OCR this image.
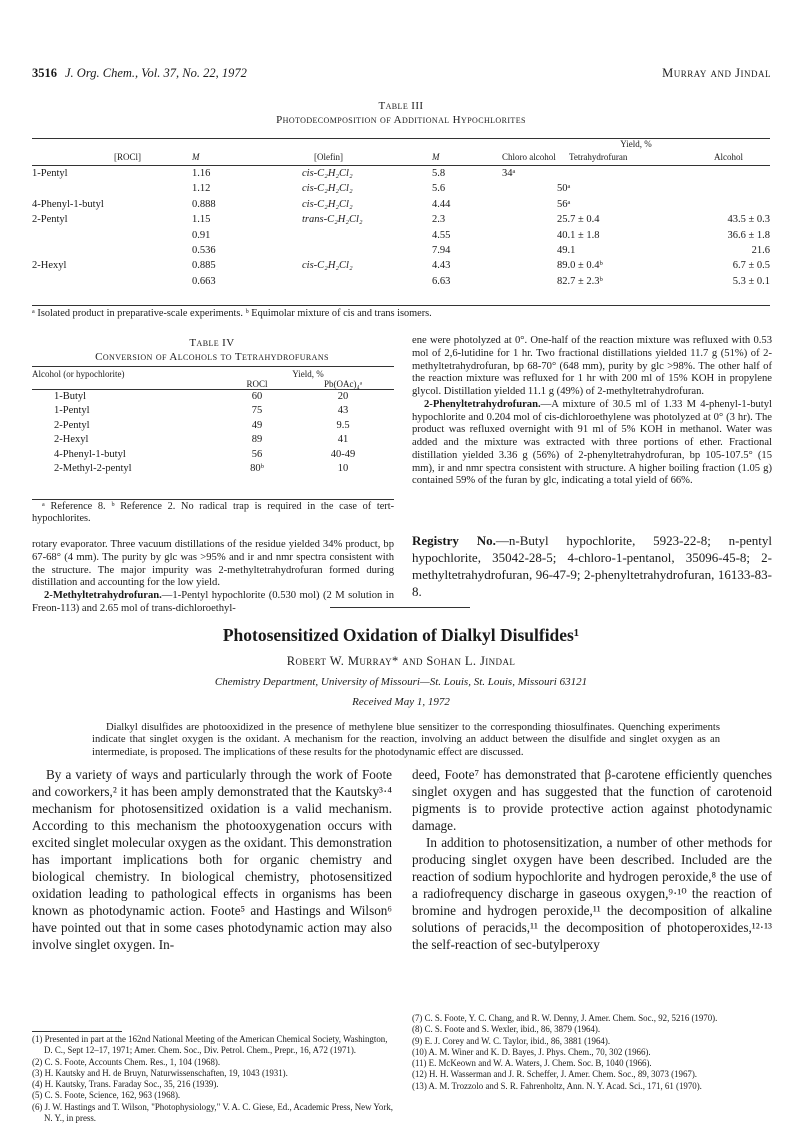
3516 J. Org. Chem., Vol. 37, No. 22, 1972	Murray and Jindal
Table III
Photodecomposition of Additional Hypochlorites
				Yield, %		
[ROCl]	M	[Olefin]	M	Chloro alcohol	Tetrahydrofuran	Alcohol
1-Pentyl	1.16	cis-C₂H₂Cl₂	5.8	34ᵃ		
	1.12	cis-C₂H₂Cl₂	5.6		50ᵃ	
4-Phenyl-1-butyl	0.888	cis-C₂H₂Cl₂	4.44		56ᵃ	
2-Pentyl	1.15	trans-C₂H₂Cl₂	2.3		25.7 ± 0.4	43.5 ± 0.3
	0.91		4.55		40.1 ± 1.8	36.6 ± 1.8
	0.536		7.94		49.1	21.6
2-Hexyl	0.885	cis-C₂H₂Cl₂	4.43		89.0 ± 0.4ᵇ	6.7 ± 0.5
	0.663		6.63		82.7 ± 2.3ᵇ	5.3 ± 0.1
ᵃ Isolated product in preparative-scale experiments. ᵇ Equimolar mixture of cis and trans isomers.
Table IV
Conversion of Alcohols to Tetrahydrofurans
Alcohol (or hypochlorite)	Yield, %	
	ROCl	Pb(OAc)₄ᵃ
1-Butyl	60	20
1-Pentyl	75	43
2-Pentyl	49	9.5
2-Hexyl	89	41
4-Phenyl-1-butyl	56	40-49
2-Methyl-2-pentyl	80ᵇ	10
ᵃ Reference 8. ᵇ Reference 2. No radical trap is required in the case of tert-hypochlorites.

rotary evaporator. Three vacuum distillations of the residue yielded 34% product, bp 67-68° (4 mm). The purity by glc was >95% and ir and nmr spectra consistent with the structure. The major impurity was 2-methyltetrahydrofuran formed during distillation and accounting for the low yield.

2-Methyltetrahydrofuran.—1-Pentyl hypochlorite (0.530 mol) (2 M solution in Freon-113) and 2.65 mol of trans-dichloroethyl-

ene were photolyzed at 0°. One-half of the reaction mixture was refluxed with 0.53 mol of 2,6-lutidine for 1 hr. Two fractional distillations yielded 11.7 g (51%) of 2-methyltetrahydrofuran, bp 68-70° (648 mm), purity by glc >98%. The other half of the reaction mixture was refluxed for 1 hr with 200 ml of 15% KOH in propylene glycol. Distillation yielded 11.1 g (49%) of 2-methyltetrahydrofuran.

2-Phenyltetrahydrofuran.—A mixture of 30.5 ml of 1.33 M 4-phenyl-1-butyl hypochlorite and 0.204 mol of cis-dichloroethylene was photolyzed at 0° (3 hr). The product was refluxed overnight with 91 ml of 5% KOH in methanol. Water was added and the mixture was extracted with three portions of ether. Fractional distillation yielded 3.36 g (56%) of 2-phenyltetrahydrofuran, bp 105-107.5° (15 mm), ir and nmr spectra consistent with structure. A higher boiling fraction (1.05 g) contained 59% of the furan by glc, indicating a total yield of 66%.

Registry No.—n-Butyl hypochlorite, 5923-22-8; n-pentyl hypochlorite, 35042-28-5; 4-chloro-1-pentanol, 35096-45-8; 2-methyltetrahydrofuran, 96-47-9; 2-phenyltetrahydrofuran, 16133-83-8.
Photosensitized Oxidation of Dialkyl Disulfides¹
Robert W. Murray* and Sohan L. Jindal
Chemistry Department, University of Missouri—St. Louis, St. Louis, Missouri 63121
Received May 1, 1972
Dialkyl disulfides are photooxidized in the presence of methylene blue sensitizer to the corresponding thiosulfinates. Quenching experiments indicate that singlet oxygen is the oxidant. A mechanism for the reaction, involving an adduct between the disulfide and singlet oxygen as an intermediate, is proposed. The implications of these results for the photodynamic effect are discussed.

By a variety of ways and particularly through the work of Foote and coworkers,² it has been amply demonstrated that the Kautsky³·⁴ mechanism for photosensitized oxidation is a valid mechanism. According to this mechanism the photooxygenation occurs with excited singlet molecular oxygen as the oxidant. This demonstration has important implications both for organic chemistry and biological chemistry. In biological chemistry, photosensitized oxidation leading to pathological effects in organisms has been known as photodynamic action. Foote⁵ and Hastings and Wilson⁶ have pointed out that in some cases photodynamic action may also involve singlet oxygen. In-

deed, Foote⁷ has demonstrated that β-carotene efficiently quenches singlet oxygen and has suggested that the function of carotenoid pigments is to provide protective action against photodynamic damage.

In addition to photosensitization, a number of other methods for producing singlet oxygen have been described. Included are the reaction of sodium hypochlorite and hydrogen peroxide,⁸ the use of a radiofrequency discharge in gaseous oxygen,⁹·¹⁰ the reaction of bromine and hydrogen peroxide,¹¹ the decomposition of alkaline solutions of peracids,¹¹ the decomposition of photoperoxides,¹²·¹³ the self-reaction of sec-butylperoxy

(1) Presented in part at the 162nd National Meeting of the American Chemical Society, Washington, D. C., Sept 12–17, 1971; Amer. Chem. Soc., Div. Petrol. Chem., Prepr., 16, A72 (1971).
(2) C. S. Foote, Accounts Chem. Res., 1, 104 (1968).
(3) H. Kautsky and H. de Bruyn, Naturwissenschaften, 19, 1043 (1931).
(4) H. Kautsky, Trans. Faraday Soc., 35, 216 (1939).
(5) C. S. Foote, Science, 162, 963 (1968).
(6) J. W. Hastings and T. Wilson, "Photophysiology," V. A. C. Giese, Ed., Academic Press, New York, N. Y., in press.
(7) C. S. Foote, Y. C. Chang, and R. W. Denny, J. Amer. Chem. Soc., 92, 5216 (1970).
(8) C. S. Foote and S. Wexler, ibid., 86, 3879 (1964).
(9) E. J. Corey and W. C. Taylor, ibid., 86, 3881 (1964).
(10) A. M. Winer and K. D. Bayes, J. Phys. Chem., 70, 302 (1966).
(11) E. McKeown and W. A. Waters, J. Chem. Soc. B, 1040 (1966).
(12) H. H. Wasserman and J. R. Scheffer, J. Amer. Chem. Soc., 89, 3073 (1967).
(13) A. M. Trozzolo and S. R. Fahrenholtz, Ann. N. Y. Acad. Sci., 171, 61 (1970).
